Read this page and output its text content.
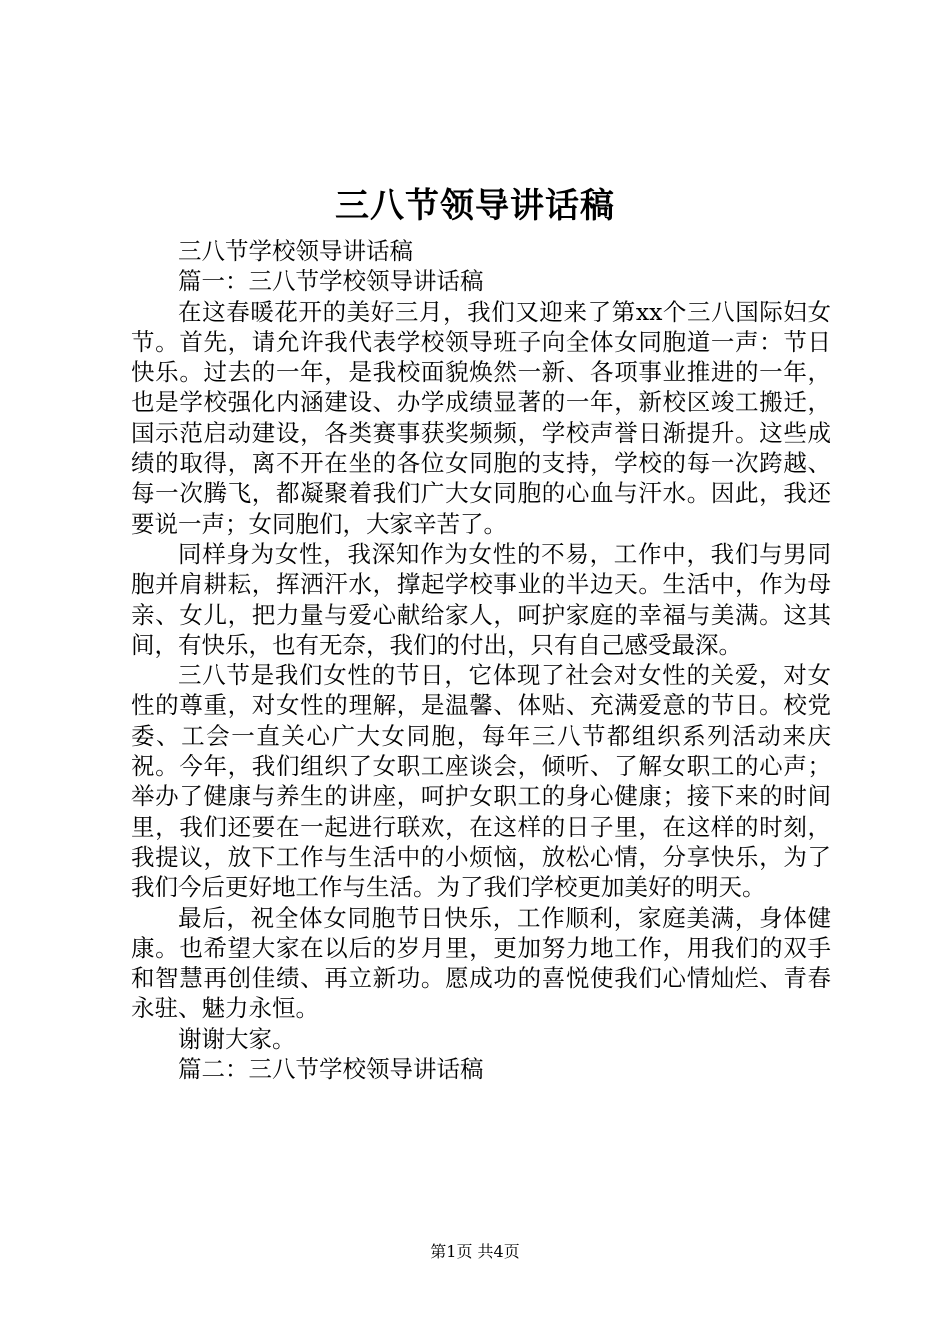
三八节领导讲话稿

三八节学校领导讲话稿

篇一：三八节学校领导讲话稿

在这春暖花开的美好三月，我们又迎来了第xx个三八国际妇女节。首先，请允许我代表学校领导班子向全体女同胞道一声：节日快乐。过去的一年，是我校面貌焕然一新、各项事业推进的一年，也是学校强化内涵建设、办学成绩显著的一年，新校区竣工搬迁，国示范启动建设，各类赛事获奖频频，学校声誉日渐提升。这些成绩的取得，离不开在坐的各位女同胞的支持，学校的每一次跨越、每一次腾飞，都凝聚着我们广大女同胞的心血与汗水。因此，我还要说一声；女同胞们，大家辛苦了。

同样身为女性，我深知作为女性的不易，工作中，我们与男同胞并肩耕耘，挥洒汗水，撑起学校事业的半边天。生活中，作为母亲、女儿，把力量与爱心献给家人，呵护家庭的幸福与美满。这其间，有快乐，也有无奈，我们的付出，只有自己感受最深。

三八节是我们女性的节日，它体现了社会对女性的关爱，对女性的尊重，对女性的理解，是温馨、体贴、充满爱意的节日。校党委、工会一直关心广大女同胞，每年三八节都组织系列活动来庆祝。今年，我们组织了女职工座谈会，倾听、了解女职工的心声；举办了健康与养生的讲座，呵护女职工的身心健康；接下来的时间里，我们还要在一起进行联欢，在这样的日子里，在这样的时刻，我提议，放下工作与生活中的小烦恼，放松心情，分享快乐，为了我们今后更好地工作与生活。为了我们学校更加美好的明天。

最后，祝全体女同胞节日快乐，工作顺利，家庭美满，身体健康。也希望大家在以后的岁月里，更加努力地工作，用我们的双手和智慧再创佳绩、再立新功。愿成功的喜悦使我们心情灿烂、青春永驻、魅力永恒。

谢谢大家。

篇二：三八节学校领导讲话稿

第1页 共4页
